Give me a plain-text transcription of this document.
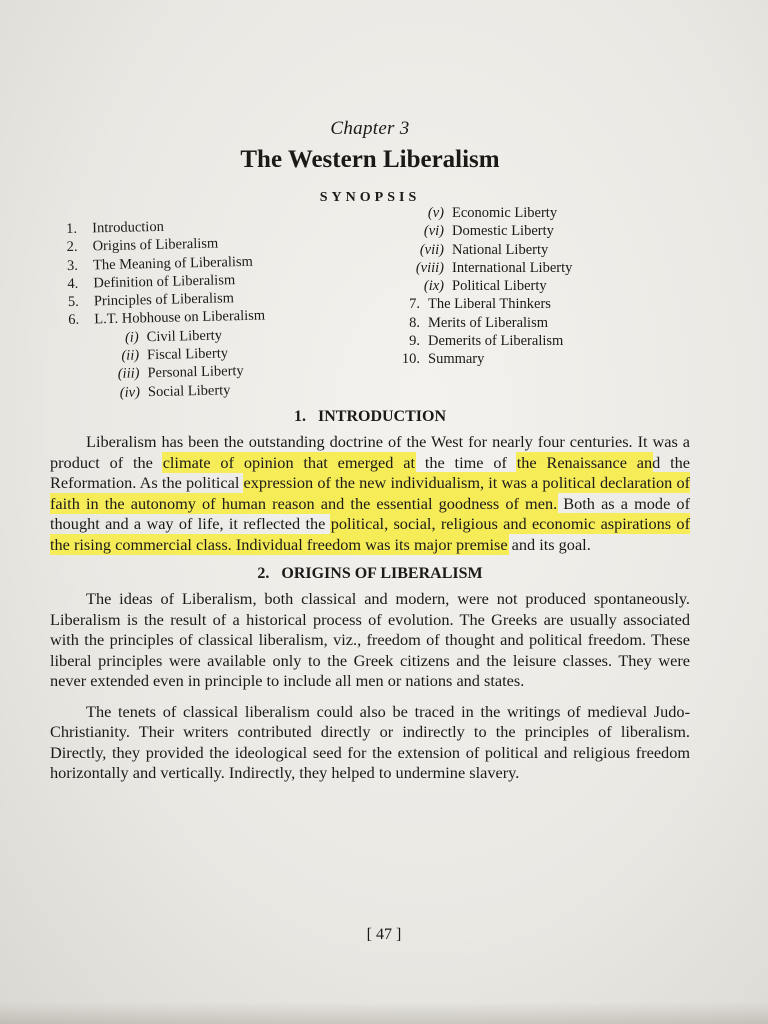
Chapter 3

The Western Liberalism

SYNOPSIS

1. Introduction
2. Origins of Liberalism
3. The Meaning of Liberalism
4. Definition of Liberalism
5. Principles of Liberalism
6. L.T. Hobhouse on Liberalism
(i) Civil Liberty
(ii) Fiscal Liberty
(iii) Personal Liberty
(iv) Social Liberty
(v) Economic Liberty
(vi) Domestic Liberty
(vii) National Liberty
(viii) International Liberty
(ix) Political Liberty
7. The Liberal Thinkers
8. Merits of Liberalism
9. Demerits of Liberalism
10. Summary
1. INTRODUCTION

Liberalism has been the outstanding doctrine of the West for nearly four centuries. It was a product of the climate of opinion that emerged at the time of the Renaissance and the Reformation. As the political expression of the new individualism, it was a political declaration of faith in the autonomy of human reason and the essential goodness of men. Both as a mode of thought and a way of life, it reflected the political, social, religious and economic aspirations of the rising commercial class. Individual freedom was its major premise and its goal.

2. ORIGINS OF LIBERALISM

The ideas of Liberalism, both classical and modern, were not produced spontaneously. Liberalism is the result of a historical process of evolution. The Greeks are usually associated with the principles of classical liberalism, viz., freedom of thought and political freedom. These liberal principles were available only to the Greek citizens and the leisure classes. They were never extended even in principle to include all men or nations and states.

The tenets of classical liberalism could also be traced in the writings of medieval Judo-Christianity. Their writers contributed directly or indirectly to the principles of liberalism. Directly, they provided the ideological seed for the extension of political and religious freedom horizontally and vertically. Indirectly, they helped to undermine slavery.

[ 47 ]
